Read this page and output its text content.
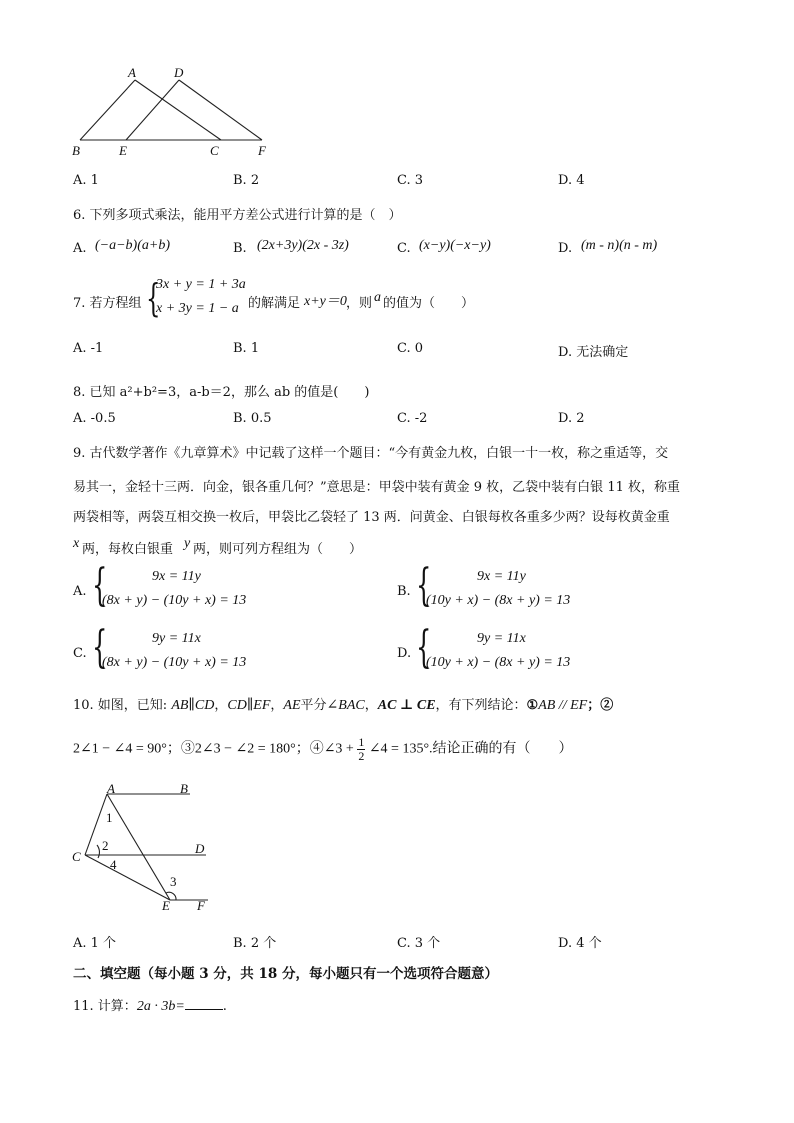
A	D
B	E	C	F
A. 1	B. 2	C. 3	D. 4
6. 下列多项式乘法，能用平方差公式进行计算的是（　）
A. (−a−b)(a+b)	B. (2x+3y)(2x - 3z)	C. (x−y)(−x−y)	D. (m - n)(n - m)
7. 若方程组 {
3x + y = 1 + 3a
x + 3y = 1 − a 的解满足 x+y＝0 ，则 a 的值为（　　）
A. -1	B. 1	C. 0	D. 无法确定
8. 已知 a²+b²=3，a-b＝2，那么 ab 的值是(　　)
A. -0.5	B. 0.5	C. -2	D. 2
9. 古代数学著作《九章算术》中记载了这样一个题目：“今有黄金九枚，白银一十一枚，称之重适等，交
易其一，金轻十三两．向金，银各重几何？”意思是：甲袋中装有黄金 9 枚，乙袋中装有白银 11 枚，称重
两袋相等，两袋互相交换一枚后，甲袋比乙袋轻了 13 两．问黄金、白银每枚各重多少两？设每枚黄金重
x 两，每枚白银重 y 两，则可列方程组为（　　）
A. {	9x = 11y
(8x + y) − (10y + x) = 13
B. {	9x = 11y
(10y + x) − (8x + y) = 13
C. {	9y = 11x
(8x + y) − (10y + x) = 13
D. {	9y = 11x
(10y + x) − (8x + y) = 13
10. 如图，已知: AB∥CD，CD∥EF，AE平分∠BAC，AC ⊥ CE，有下列结论：①AB // EF；②
2∠1 − ∠4 = 90°；③2∠3 − ∠2 = 180°；④∠3 + $\frac{1}{2}$ ∠4 = 135°.结论正确的有（　　）
A	B
C
D
E F
1
2
3
4
A. 1 个	B. 2 个	C. 3 个	D. 4 个
二、填空题（每小题 3 分，共 18 分，每小题只有一个选项符合题意）
11. 计算：2a · 3b=	.
